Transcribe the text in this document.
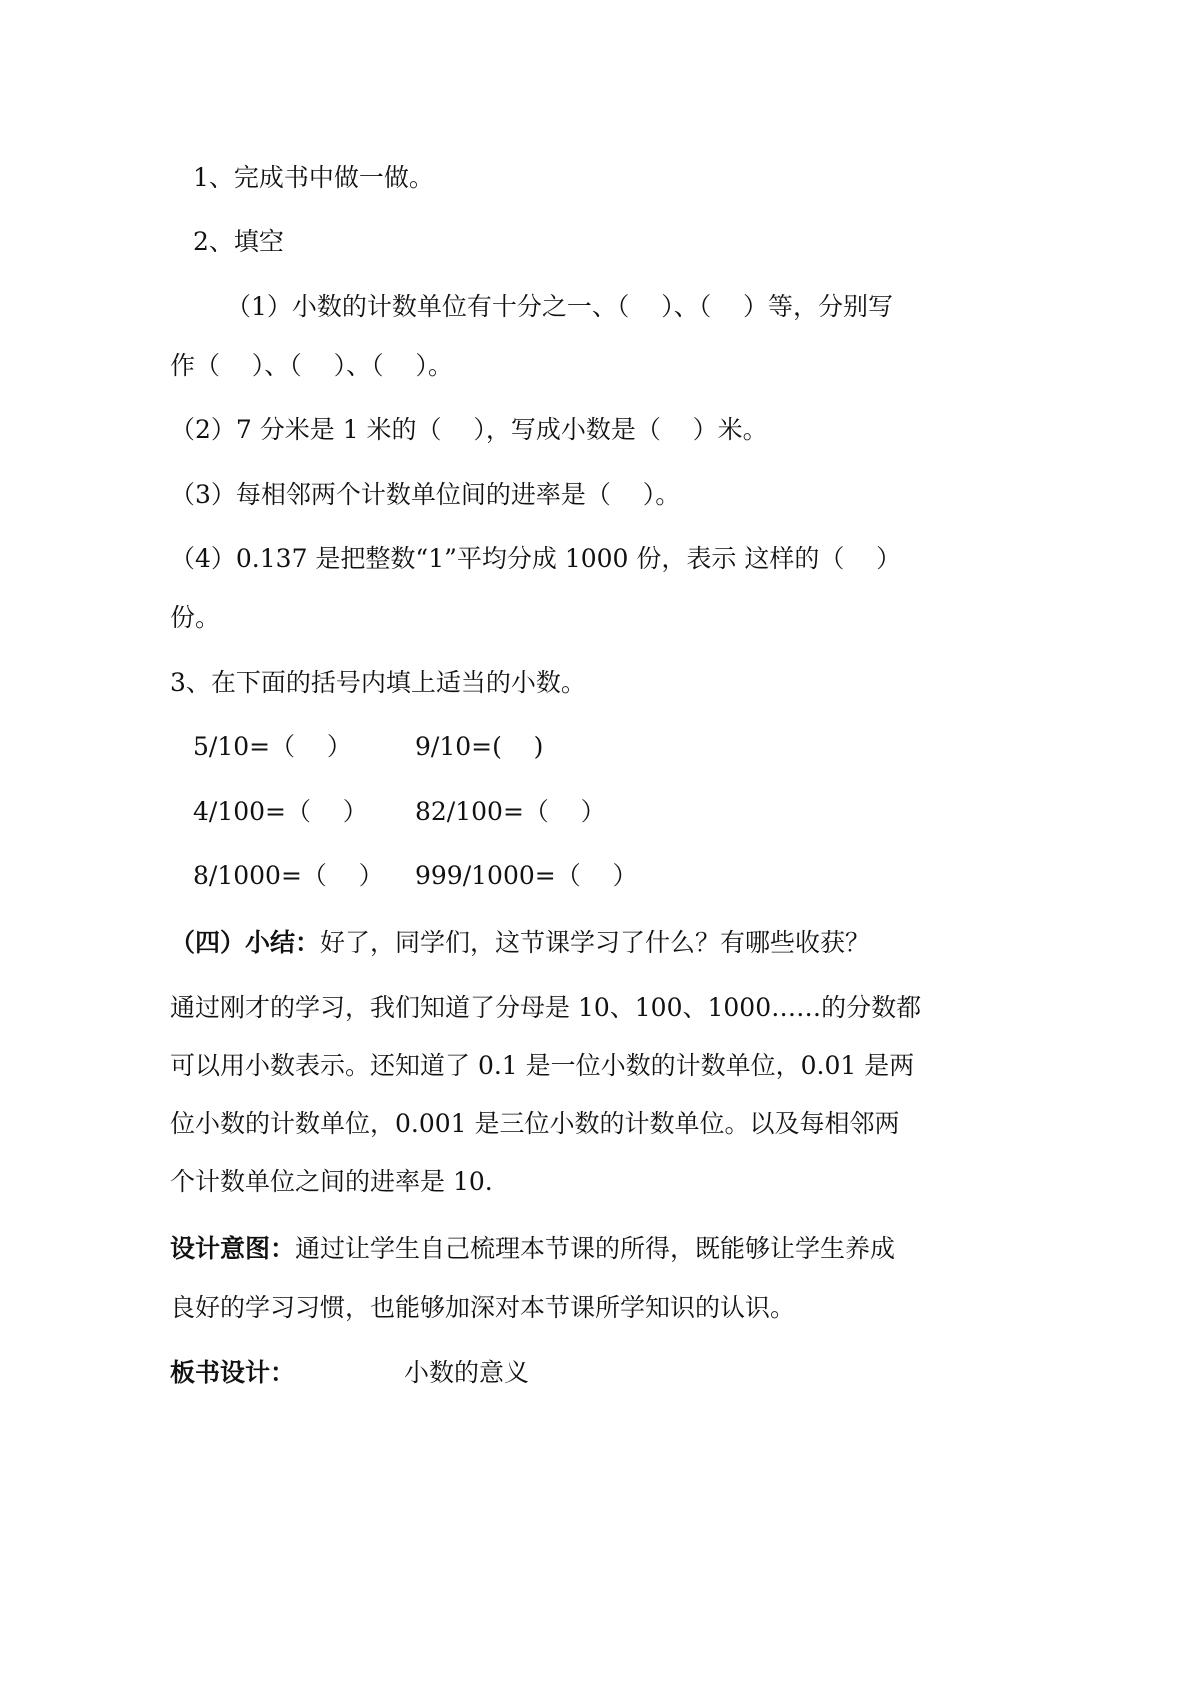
1、完成书中做一做。

2、填空

（1）小数的计数单位有十分之一、（    ）、（    ）等，分别写

作（    ）、（    ）、（    ）。

（2）7 分米是 1 米的（    ），写成小数是（    ）米。

（3）每相邻两个计数单位间的进率是（    ）。

（4）0.137 是把整数“1”平均分成 1000 份，表示 这样的（    ）

份。

3、在下面的括号内填上适当的小数。

5/10=（    ）	9/10=(    )

4/100=（    ） 82/100=（    ）

8/1000=（    ） 999/1000=（    ）

（四）小结：好了，同学们，这节课学习了什么？有哪些收获？

通过刚才的学习，我们知道了分母是 10、100、1000……的分数都

可以用小数表示。还知道了 0.1 是一位小数的计数单位，0.01 是两

位小数的计数单位，0.001 是三位小数的计数单位。以及每相邻两

个计数单位之间的进率是 10.

设计意图：通过让学生自己梳理本节课的所得，既能够让学生养成

良好的学习习惯，也能够加深对本节课所学知识的认识。

板书设计：	小数的意义
